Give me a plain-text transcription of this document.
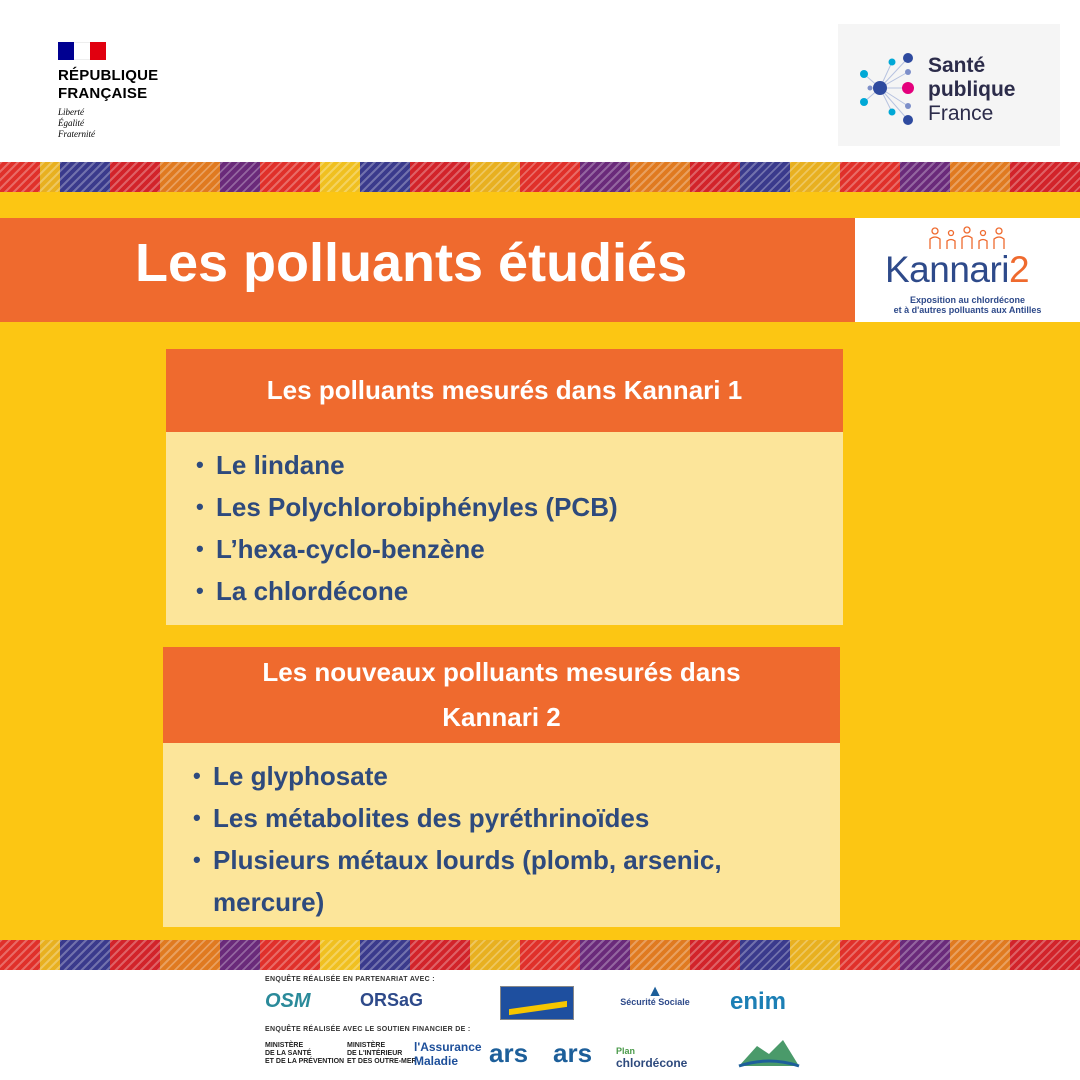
RÉPUBLIQUE
FRANÇAISE
Liberté
Égalité
Fraternité
Santé
publique
France
Les polluants étudiés	Kannari2
Exposition au chlordécone
et à d'autres polluants aux Antilles
Les polluants mesurés dans Kannari 1
• Le lindane
• Les Polychlorobiphényles (PCB)
• L’hexa-cyclo-benzène
• La chlordécone
Les nouveaux polluants mesurés dans
Kannari 2
• Le glyphosate
• Les métabolites des pyréthrinoïdes
• Plusieurs métaux lourds (plomb, arsenic, mercure)
ENQUÊTE RÉALISÉE EN PARTENARIAT AVEC :
OSM	ORSaG	▲
Sécurité Sociale enim
ENQUÊTE RÉALISÉE AVEC LE SOUTIEN FINANCIER DE :
MINISTÈRE
DE LA SANTÉ
ET DE LA PRÉVENTION
MINISTÈRE
DE L'INTÉRIEUR
ET DES OUTRE-MER
l'Assurance
Maladie	ars ars	Plan
chlordécone
